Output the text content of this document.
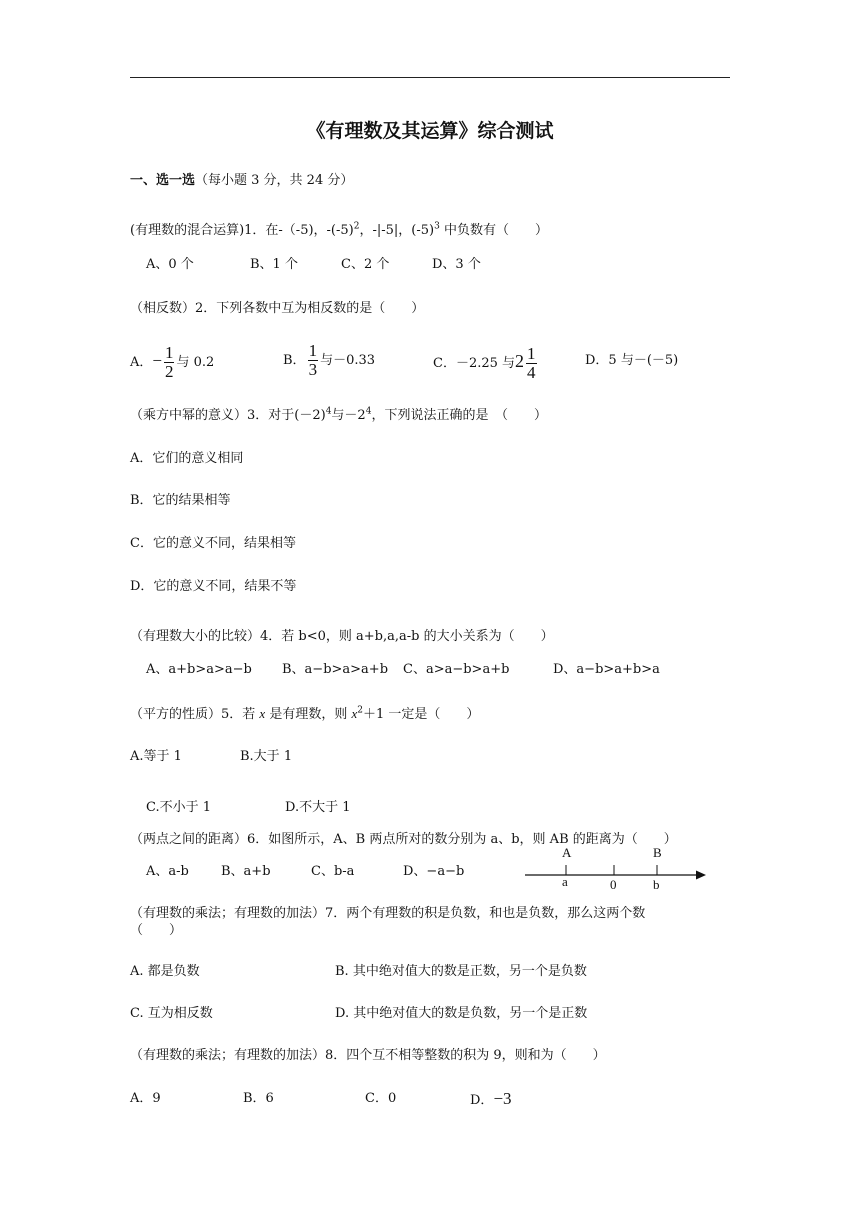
《有理数及其运算》综合测试
一、选一选（每小题 3 分，共 24 分）
(有理数的混合运算)1．在-（-5)，$-(-5)^2$，-|-5|，$(-5)^3$ 中负数有（　　）
A、0 个	B、1 个	C、2 个	D、3 个
（相反数）2．下列各数中互为相反数的是（　　）
A．− $\frac{1}{2}$ 与 0.2	B． $\frac{1}{3}$ 与－0.33	C．－2.25 与$2 \frac{1}{4}$	D．5 与－(－5)
（乘方中幂的意义）3．对于$(-2)^4$与$-2^4$，下列说法正确的是　（　　）
A．它们的意义相同
B．它的结果相等
C．它的意义不同，结果相等
D．它的意义不同，结果不等
（有理数大小的比较）4．若 b<0，则 a+b,a,a-b 的大小关系为（　　）
A、a+b>a>a−b B、a−b>a>a+b C、a>a−b>a+b	D、a−b>a+b>a
（平方的性质）5．若 x 是有理数，则 $x^2+1$ 一定是（　　）
A.等于 1	B.大于 1
C.不小于 1	D.不大于 1
（两点之间的距离）6．如图所示，A、B 两点所对的数分别为 a、b，则 AB 的距离为（　　）
A、a-b B、a+b	C、b-a	D、−a−b
A	B
a	0	b
（有理数的乘法；有理数的加法）7．两个有理数的积是负数，和也是负数，那么这两个数
（　　）
A. 都是负数	B. 其中绝对值大的数是正数，另一个是负数
C. 互为相反数	D. 其中绝对值大的数是负数，另一个是正数
（有理数的乘法；有理数的加法）8．四个互不相等整数的积为 9，则和为（　　）
A．9	B．6	C．0	D．−3
